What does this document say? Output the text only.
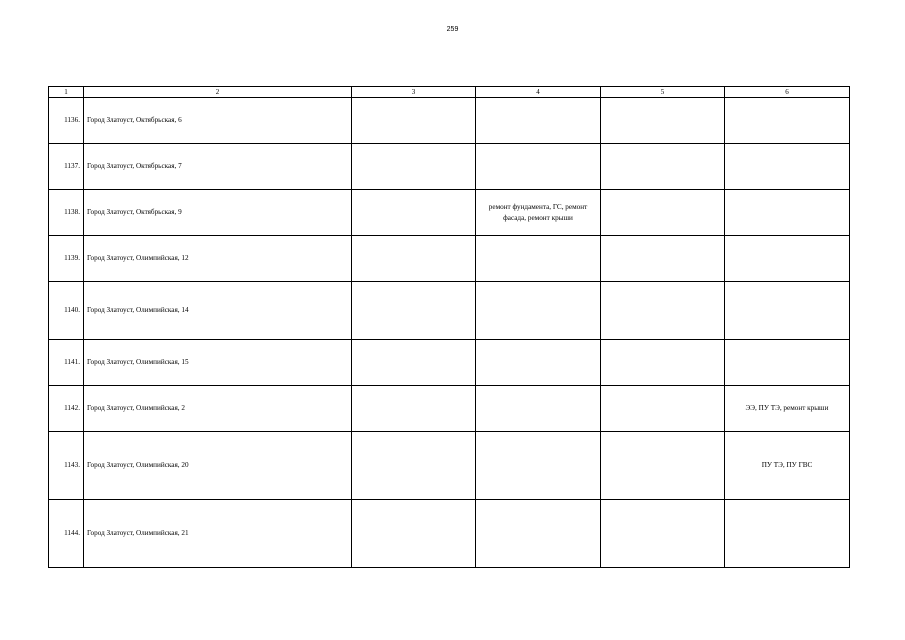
259
1	2	3	4	5	6
1136.	Город Златоуст, Октябрьская, 6				
1137.	Город Златоуст, Октябрьская, 7				
1138.	Город Златоуст, Октябрьская, 9		ремонт фундамента, ГС, ремонт фасада, ремонт крыши		
1139.	Город Златоуст, Олимпийская, 12				
1140.	Город Златоуст, Олимпийская, 14				
1141.	Город Златоуст, Олимпийская, 15				
1142.	Город Златоуст, Олимпийская, 2				ЭЭ, ПУ ТЭ, ремонт крыши
1143.	Город Златоуст, Олимпийская, 20				ПУ ТЭ, ПУ ГВС
1144.	Город Златоуст, Олимпийская, 21				
